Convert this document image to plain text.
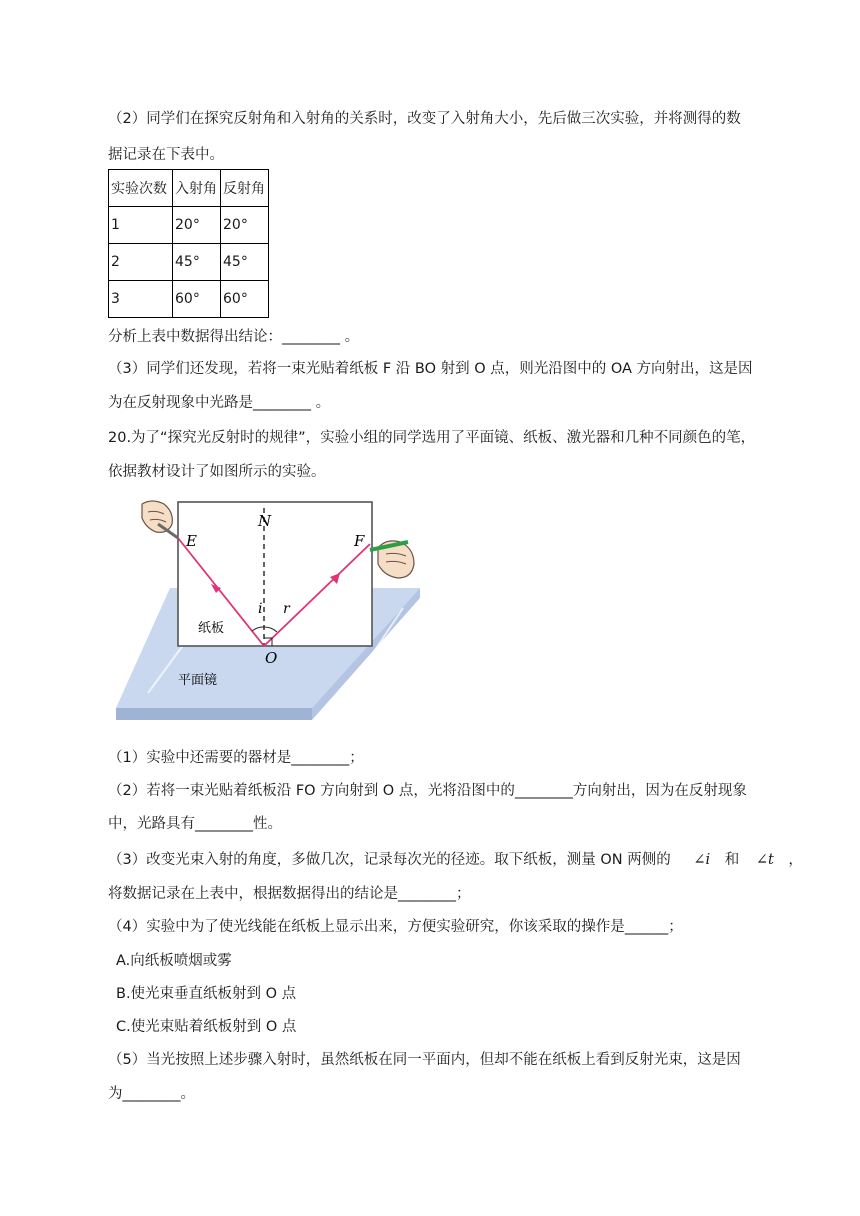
（2）同学们在探究反射角和入射角的关系时，改变了入射角大小，先后做三次实验，并将测得的数
据记录在下表中。
实验次数	入射角	反射角
1	20°	20°
2	45°	45°
3	60°	60°
分析上表中数据得出结论：________ 。
（3）同学们还发现，若将一束光贴着纸板 F 沿 BO 射到 O 点，则光沿图中的 OA 方向射出，这是因
为在反射现象中光路是________ 。
20.为了“探究光反射时的规律”，实验小组的同学选用了平面镜、纸板、激光器和几种不同颜色的笔，
依据教材设计了如图所示的实验。
N
E	F
i r
O
纸板
平面镜
（1）实验中还需要的器材是________；
（2）若将一束光贴着纸板沿 FO 方向射到 O 点，光将沿图中的________方向射出，因为在反射现象
中，光路具有________性。
（3）改变光束入射的角度，多做几次，记录每次光的径迹。取下纸板，测量 ON 两侧的 ∠i 和 ∠t ，
将数据记录在上表中，根据数据得出的结论是________；
（4）实验中为了使光线能在纸板上显示出来，方便实验研究，你该采取的操作是______；
A.向纸板喷烟或雾
B.使光束垂直纸板射到 O 点
C.使光束贴着纸板射到 O 点
（5）当光按照上述步骤入射时，虽然纸板在同一平面内，但却不能在纸板上看到反射光束，这是因
为________。
